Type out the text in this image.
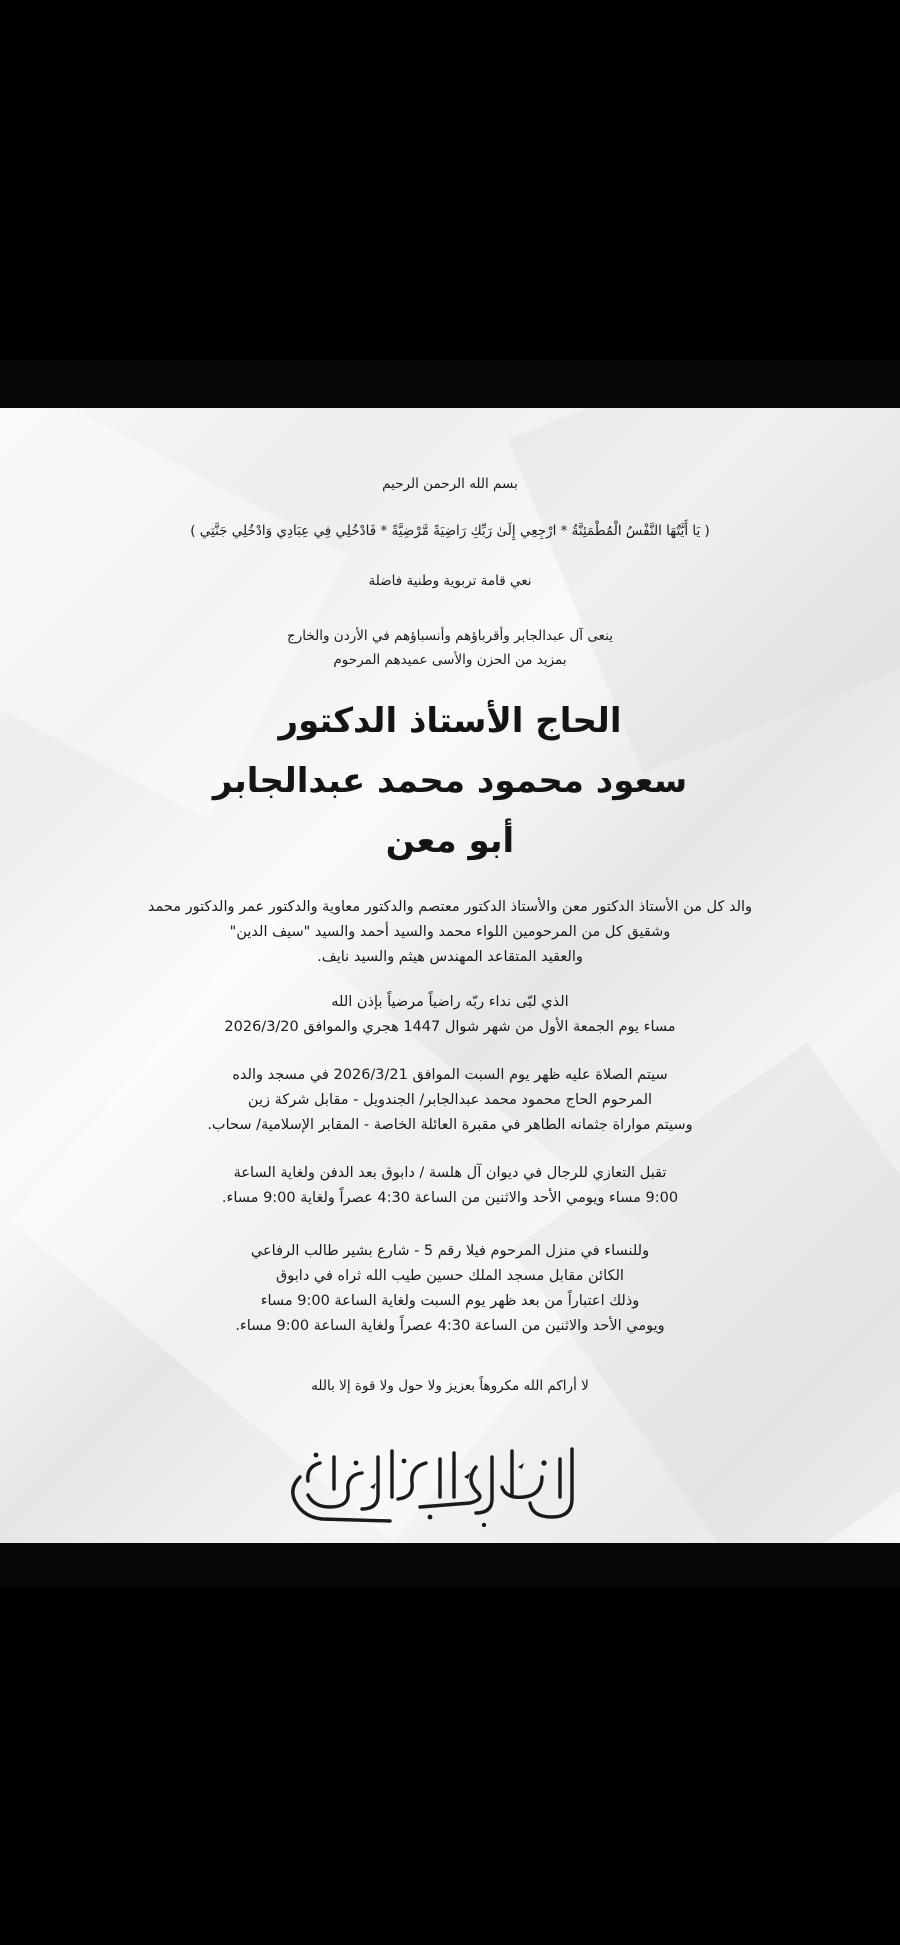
بسم الله الرحمن الرحيم
( يَا أَيَّتُهَا النَّفْسُ الْمُطْمَئِنَّةُ * ارْجِعِي إِلَىٰ رَبِّكِ رَاضِيَةً مَّرْضِيَّةً * فَادْخُلِي فِي عِبَادِي وَادْخُلِي جَنَّتِي )
نعي قامة تربوية وطنية فاضلة
ينعى آل عبدالجابر وأقرباؤهم وأنسباؤهم في الأردن والخارج
بمزيد من الحزن والأسى عميدهم المرحوم
الحاج الأستاذ الدكتور
سعود محمود محمد عبدالجابر
أبو معن
والد كل من الأستاذ الدكتور معن والأستاذ الدكتور معتصم والدكتور معاوية والدكتور عمر والدكتور محمد
وشقيق كل من المرحومين اللواء محمد والسيد أحمد والسيد "سيف الدين"
والعقيد المتقاعد المهندس هيثم والسيد نايف.
الذي لبّى نداء ربّه راضياً مرضياً بإذن الله
مساء يوم الجمعة الأول من شهر شوال 1447 هجري والموافق 2026/3/20
سيتم الصلاة عليه ظهر يوم السبت الموافق 2026/3/21 في مسجد والده
المرحوم الحاج محمود محمد عبدالجابر/ الجندويل - مقابل شركة زين
وسيتم مواراة جثمانه الطاهر في مقبرة العائلة الخاصة - المقابر الإسلامية/ سحاب.
تقبل التعازي للرجال في ديوان آل هلسة / دابوق بعد الدفن ولغاية الساعة
9:00 مساء ويومي الأحد والاثنين من الساعة 4:30 عصراً ولغاية 9:00 مساء.
وللنساء في منزل المرحوم فيلا رقم 5 - شارع بشير طالب الرفاعي
الكائن مقابل مسجد الملك حسين طيب الله ثراه في دابوق
وذلك اعتباراً من بعد ظهر يوم السبت ولغاية الساعة 9:00 مساء
ويومي الأحد والاثنين من الساعة 4:30 عصراً ولغاية الساعة 9:00 مساء.
لا أراكم الله مكروهاً بعزيز ولا حول ولا قوة إلا بالله
